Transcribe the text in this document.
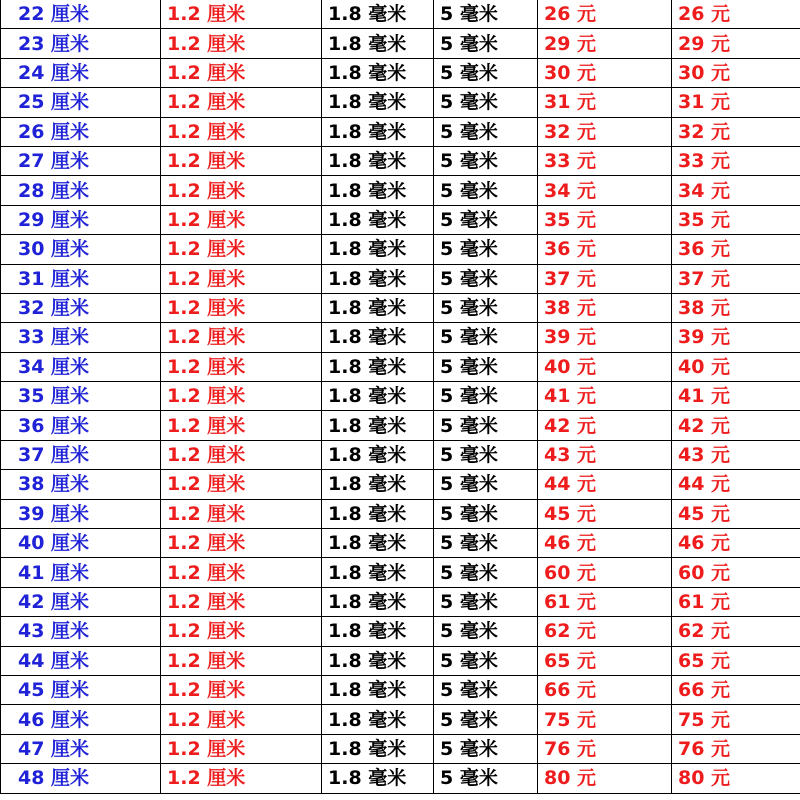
22 厘米	1.2 厘米	1.8 毫米	5 毫米	26 元	26 元
23 厘米	1.2 厘米	1.8 毫米	5 毫米	29 元	29 元
24 厘米	1.2 厘米	1.8 毫米	5 毫米	30 元	30 元
25 厘米	1.2 厘米	1.8 毫米	5 毫米	31 元	31 元
26 厘米	1.2 厘米	1.8 毫米	5 毫米	32 元	32 元
27 厘米	1.2 厘米	1.8 毫米	5 毫米	33 元	33 元
28 厘米	1.2 厘米	1.8 毫米	5 毫米	34 元	34 元
29 厘米	1.2 厘米	1.8 毫米	5 毫米	35 元	35 元
30 厘米	1.2 厘米	1.8 毫米	5 毫米	36 元	36 元
31 厘米	1.2 厘米	1.8 毫米	5 毫米	37 元	37 元
32 厘米	1.2 厘米	1.8 毫米	5 毫米	38 元	38 元
33 厘米	1.2 厘米	1.8 毫米	5 毫米	39 元	39 元
34 厘米	1.2 厘米	1.8 毫米	5 毫米	40 元	40 元
35 厘米	1.2 厘米	1.8 毫米	5 毫米	41 元	41 元
36 厘米	1.2 厘米	1.8 毫米	5 毫米	42 元	42 元
37 厘米	1.2 厘米	1.8 毫米	5 毫米	43 元	43 元
38 厘米	1.2 厘米	1.8 毫米	5 毫米	44 元	44 元
39 厘米	1.2 厘米	1.8 毫米	5 毫米	45 元	45 元
40 厘米	1.2 厘米	1.8 毫米	5 毫米	46 元	46 元
41 厘米	1.2 厘米	1.8 毫米	5 毫米	60 元	60 元
42 厘米	1.2 厘米	1.8 毫米	5 毫米	61 元	61 元
43 厘米	1.2 厘米	1.8 毫米	5 毫米	62 元	62 元
44 厘米	1.2 厘米	1.8 毫米	5 毫米	65 元	65 元
45 厘米	1.2 厘米	1.8 毫米	5 毫米	66 元	66 元
46 厘米	1.2 厘米	1.8 毫米	5 毫米	75 元	75 元
47 厘米	1.2 厘米	1.8 毫米	5 毫米	76 元	76 元
48 厘米	1.2 厘米	1.8 毫米	5 毫米	80 元	80 元
